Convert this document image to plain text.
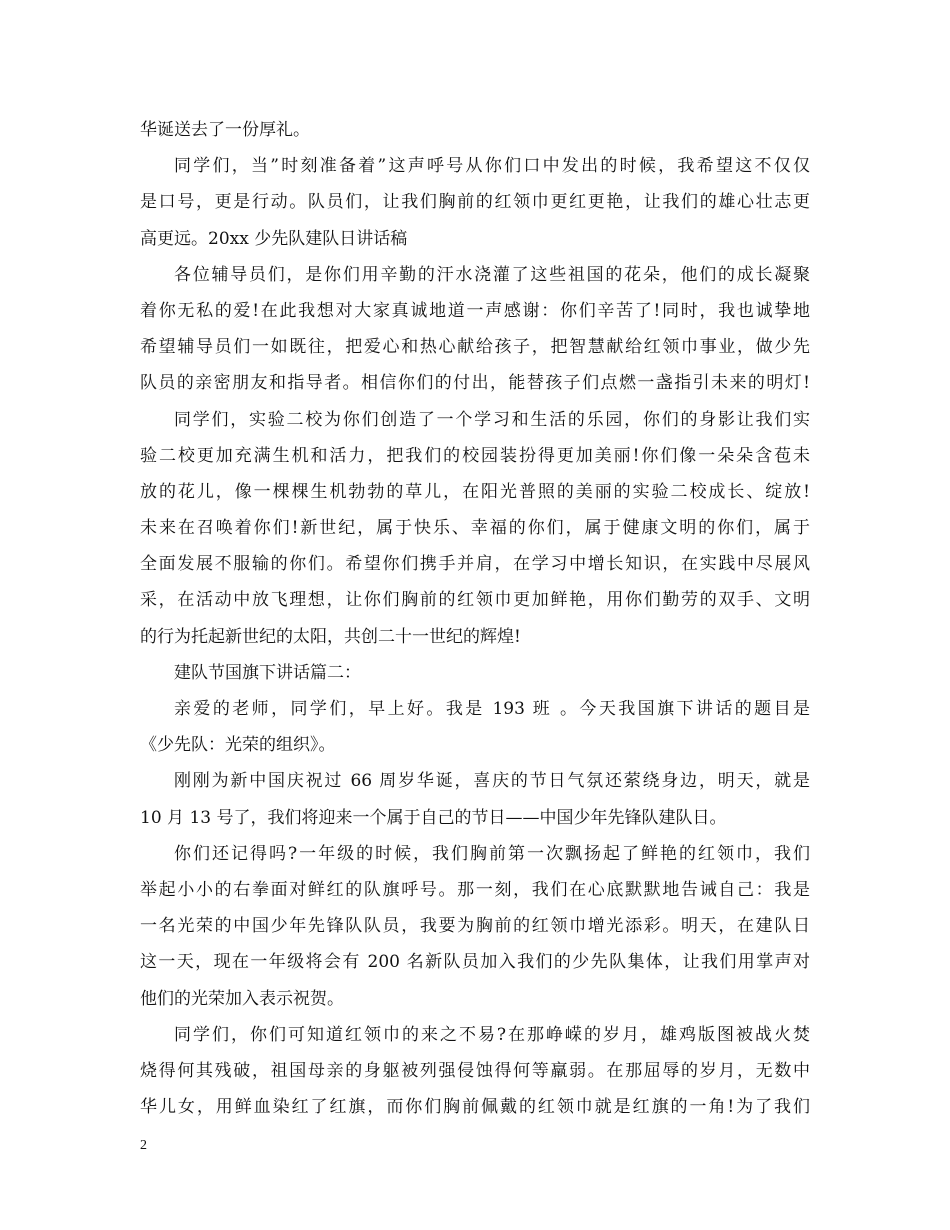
华诞送去了一份厚礼。
同学们，当”时刻准备着”这声呼号从你们口中发出的时候，我希望这不仅仅
是口号，更是行动。队员们，让我们胸前的红领巾更红更艳，让我们的雄心壮志更
高更远。20xx 少先队建队日讲话稿
各位辅导员们，是你们用辛勤的汗水浇灌了这些祖国的花朵，他们的成长凝聚
着你无私的爱!在此我想对大家真诚地道一声感谢：你们辛苦了!同时，我也诚挚地
希望辅导员们一如既往，把爱心和热心献给孩子，把智慧献给红领巾事业，做少先
队员的亲密朋友和指导者。相信你们的付出，能替孩子们点燃一盏指引未来的明灯!
同学们，实验二校为你们创造了一个学习和生活的乐园，你们的身影让我们实
验二校更加充满生机和活力，把我们的校园装扮得更加美丽!你们像一朵朵含苞未
放的花儿，像一棵棵生机勃勃的草儿，在阳光普照的美丽的实验二校成长、绽放!
未来在召唤着你们!新世纪，属于快乐、幸福的你们，属于健康文明的你们，属于
全面发展不服输的你们。希望你们携手并肩，在学习中增长知识，在实践中尽展风
采，在活动中放飞理想，让你们胸前的红领巾更加鲜艳，用你们勤劳的双手、文明
的行为托起新世纪的太阳，共创二十一世纪的辉煌!
建队节国旗下讲话篇二：
亲爱的老师，同学们，早上好。我是 193 班 。今天我国旗下讲话的题目是
《少先队：光荣的组织》。
刚刚为新中国庆祝过 66 周岁华诞，喜庆的节日气氛还萦绕身边，明天，就是
10 月 13 号了，我们将迎来一个属于自己的节日——中国少年先锋队建队日。
你们还记得吗?一年级的时候，我们胸前第一次飘扬起了鲜艳的红领巾，我们
举起小小的右拳面对鲜红的队旗呼号。那一刻，我们在心底默默地告诫自己：我是
一名光荣的中国少年先锋队队员，我要为胸前的红领巾增光添彩。明天，在建队日
这一天，现在一年级将会有 200 名新队员加入我们的少先队集体，让我们用掌声对
他们的光荣加入表示祝贺。
同学们，你们可知道红领巾的来之不易?在那峥嵘的岁月，雄鸡版图被战火焚
烧得何其残破，祖国母亲的身躯被列强侵蚀得何等羸弱。在那屈辱的岁月，无数中
华儿女，用鲜血染红了红旗，而你们胸前佩戴的红领巾就是红旗的一角!为了我们
2
